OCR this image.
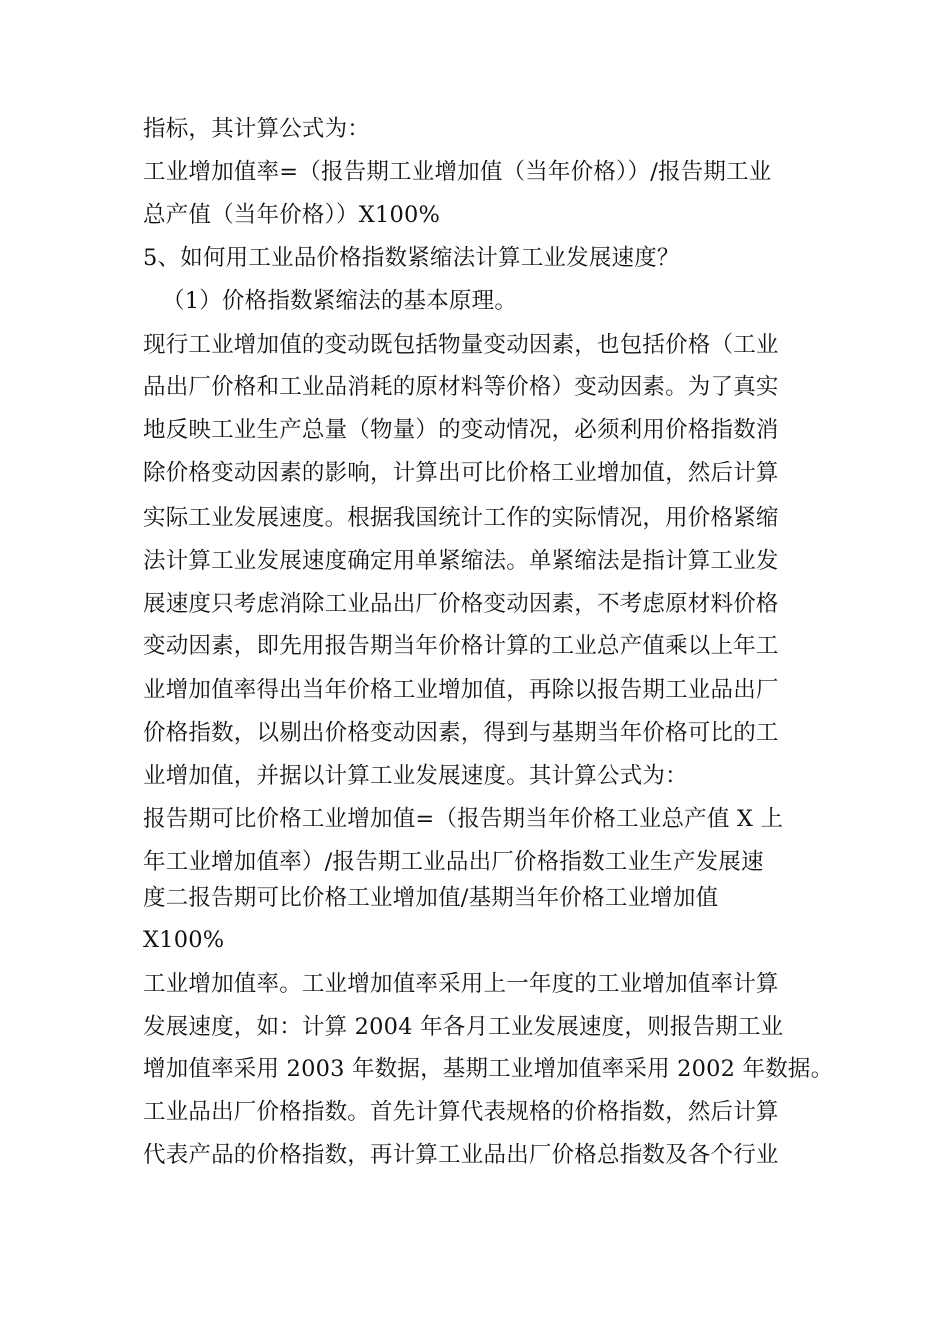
指标，其计算公式为：
工业增加值率=（报告期工业增加值（当年价格））/报告期工业
总产值（当年价格））X100%
5、如何用工业品价格指数紧缩法计算工业发展速度？
（1）价格指数紧缩法的基本原理。
现行工业增加值的变动既包括物量变动因素，也包括价格（工业
品出厂价格和工业品消耗的原材料等价格）变动因素。为了真实
地反映工业生产总量（物量）的变动情况，必须利用价格指数消
除价格变动因素的影响，计算出可比价格工业增加值，然后计算
实际工业发展速度。根据我国统计工作的实际情况，用价格紧缩
法计算工业发展速度确定用单紧缩法。单紧缩法是指计算工业发
展速度只考虑消除工业品出厂价格变动因素，不考虑原材料价格
变动因素，即先用报告期当年价格计算的工业总产值乘以上年工
业增加值率得出当年价格工业增加值，再除以报告期工业品出厂
价格指数，以剔出价格变动因素，得到与基期当年价格可比的工
业增加值，并据以计算工业发展速度。其计算公式为：
报告期可比价格工业增加值=（报告期当年价格工业总产值 X 上
年工业增加值率）/报告期工业品出厂价格指数工业生产发展速
度二报告期可比价格工业增加值/基期当年价格工业增加值
X100%
工业增加值率。工业增加值率采用上一年度的工业增加值率计算
发展速度，如：计算 2004 年各月工业发展速度，则报告期工业
增加值率采用 2003 年数据，基期工业增加值率采用 2002 年数据。
工业品出厂价格指数。首先计算代表规格的价格指数，然后计算
代表产品的价格指数，再计算工业品出厂价格总指数及各个行业
